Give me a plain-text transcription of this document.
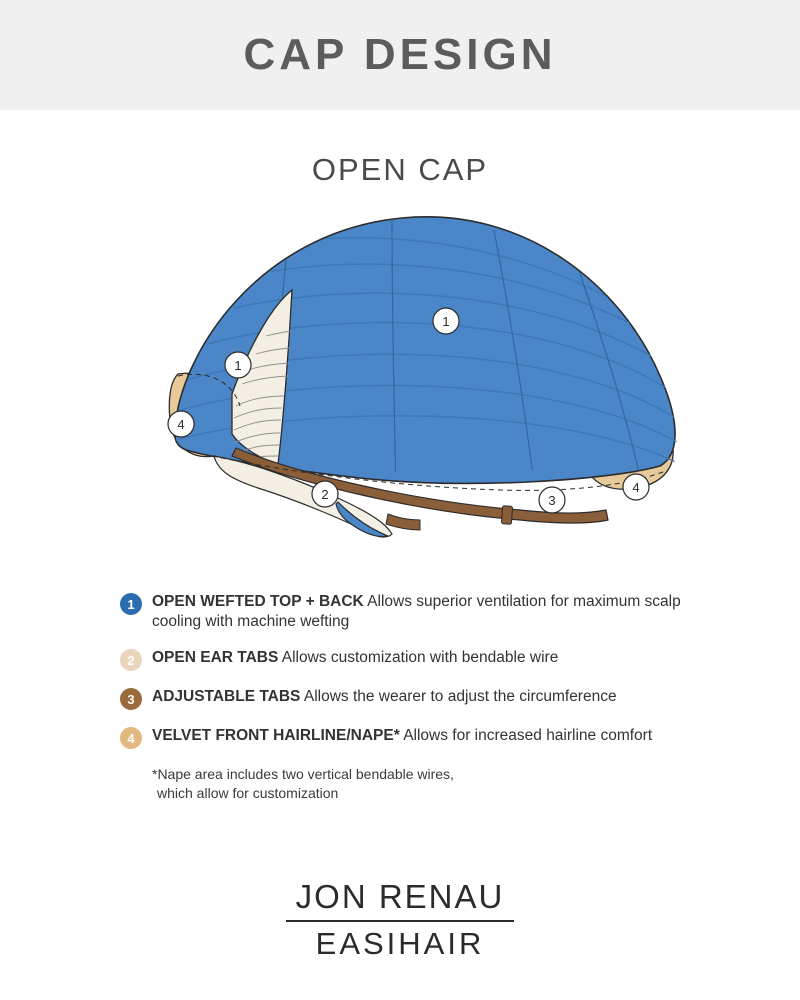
CAP DESIGN
OPEN CAP
1
1
2	3
4
4
1	OPEN WEFTED TOP + BACK Allows superior ventilation for maximum scalp cooling with machine wefting
2	OPEN EAR TABS Allows customization with bendable wire
3	ADJUSTABLE TABS Allows the wearer to adjust the circumference
4	VELVET FRONT HAIRLINE/NAPE* Allows for increased hairline comfort
*Nape area includes two vertical bendable wires,
which allow for customization
JON RENAU
EASIHAIR
